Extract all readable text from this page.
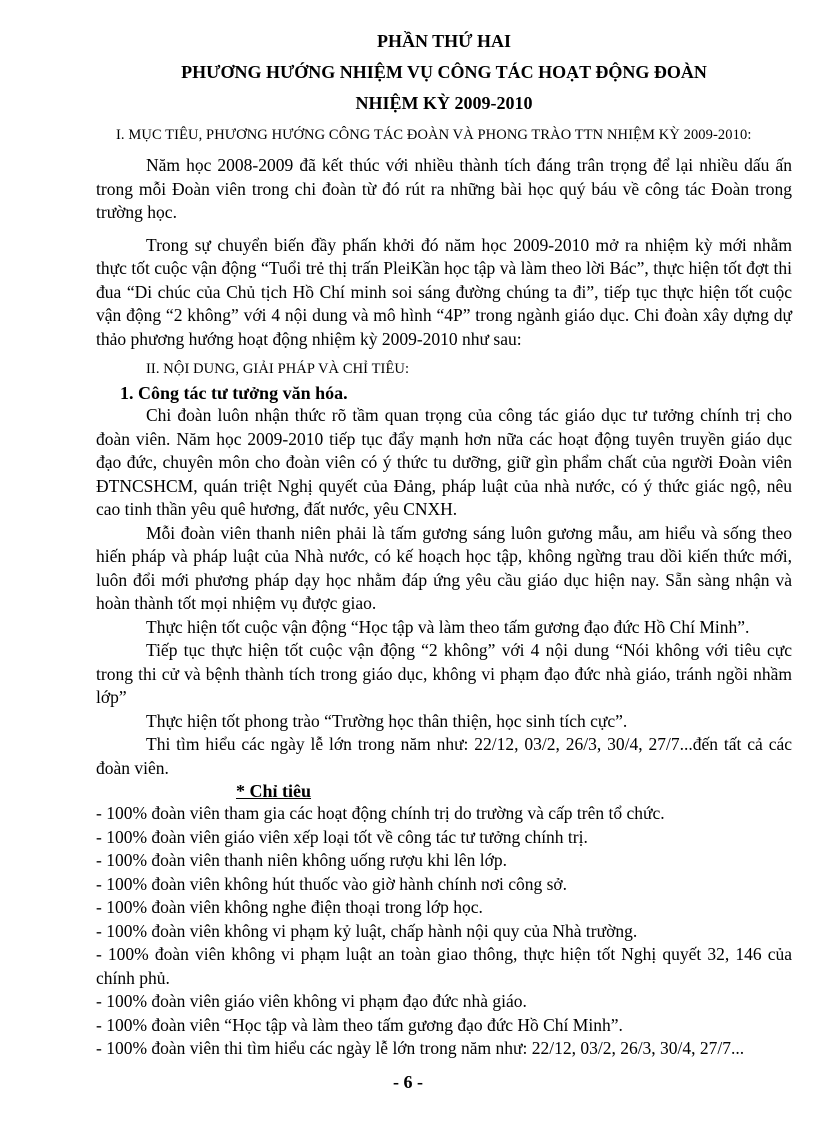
PHẦN THỨ HAI

PHƯƠNG HƯỚNG NHIỆM VỤ CÔNG TÁC HOẠT ĐỘNG ĐOÀN

NHIỆM KỲ 2009-2010

I. MỤC TIÊU, PHƯƠNG HƯỚNG CÔNG TÁC ĐOÀN VÀ PHONG TRÀO TTN NHIỆM KỲ 2009-2010:

Năm học 2008-2009 đã kết thúc với nhiều thành tích đáng trân trọng để lại nhiều dấu ấn trong mỗi Đoàn viên trong chi đoàn từ đó rút ra những bài học quý báu về công tác Đoàn trong trường học.

Trong sự chuyển biến đầy phấn khởi đó năm học 2009-2010 mở ra nhiệm kỳ mới nhằm thực tốt cuộc vận động “Tuổi trẻ thị trấn PleiKần học tập và làm theo lời Bác”, thực hiện tốt đợt thi đua “Di chúc của Chủ tịch Hồ Chí minh soi sáng đường chúng ta đi”, tiếp tục thực hiện tốt cuộc vận động “2 không” với 4 nội dung và mô hình “4P” trong ngành giáo dục. Chi đoàn xây dựng dự thảo phương hướng hoạt động nhiệm kỳ 2009-2010 như sau:

II. NỘI DUNG, GIẢI PHÁP VÀ CHỈ TIÊU:

1. Công tác tư tưởng văn hóa.

Chi đoàn luôn nhận thức rõ tầm quan trọng của công tác giáo dục tư tưởng chính trị cho đoàn viên. Năm học 2009-2010 tiếp tục đẩy mạnh hơn nữa các hoạt động tuyên truyền giáo dục đạo đức, chuyên môn cho đoàn viên có ý thức tu dưỡng, giữ gìn phẩm chất của người Đoàn viên ĐTNCSHCM, quán triệt Nghị quyết của Đảng, pháp luật của nhà nước, có ý thức giác ngộ, nêu cao tinh thần yêu quê hương, đất nước, yêu CNXH.

Mỗi đoàn viên thanh niên phải là tấm gương sáng luôn gương mẫu, am hiểu và sống theo hiến pháp và pháp luật của Nhà nước, có kế hoạch học tập, không ngừng trau dồi kiến thức mới, luôn đổi mới phương pháp dạy học nhằm đáp ứng yêu cầu giáo dục hiện nay. Sẵn sàng nhận và hoàn thành tốt mọi nhiệm vụ được giao.

Thực hiện tốt cuộc vận động “Học tập và làm theo tấm gương đạo đức Hồ Chí Minh”.

Tiếp tục thực hiện tốt cuộc vận động “2 không” với 4 nội dung “Nói không với tiêu cực trong thi cử và bệnh thành tích trong giáo dục, không vi phạm đạo đức nhà giáo, tránh ngồi nhầm lớp”

Thực hiện tốt phong trào “Trường học thân thiện, học sinh tích cực”.

Thi tìm hiểu các ngày lễ lớn trong năm như: 22/12, 03/2, 26/3, 30/4, 27/7...đến tất cả các đoàn viên.

* Chỉ tiêu

- 100% đoàn viên tham gia các hoạt động chính trị do trường và cấp trên tổ chức.

- 100% đoàn viên giáo viên xếp loại tốt về công tác tư tưởng chính trị.

- 100% đoàn viên thanh niên không uống rượu khi lên lớp.

- 100% đoàn viên không hút thuốc vào giờ hành chính nơi công sở.

- 100% đoàn viên không nghe điện thoại trong lớp học.

- 100% đoàn viên không vi phạm kỷ luật, chấp hành nội quy của Nhà trường.

- 100% đoàn viên không vi phạm luật an toàn giao thông, thực hiện tốt Nghị quyết 32, 146 của chính phủ.

- 100% đoàn viên giáo viên không vi phạm đạo đức nhà giáo.

- 100% đoàn viên “Học tập và làm theo tấm gương đạo đức Hồ Chí Minh”.

- 100% đoàn viên thi tìm hiểu các ngày lễ lớn trong năm như: 22/12, 03/2, 26/3, 30/4, 27/7...

- 6 -
